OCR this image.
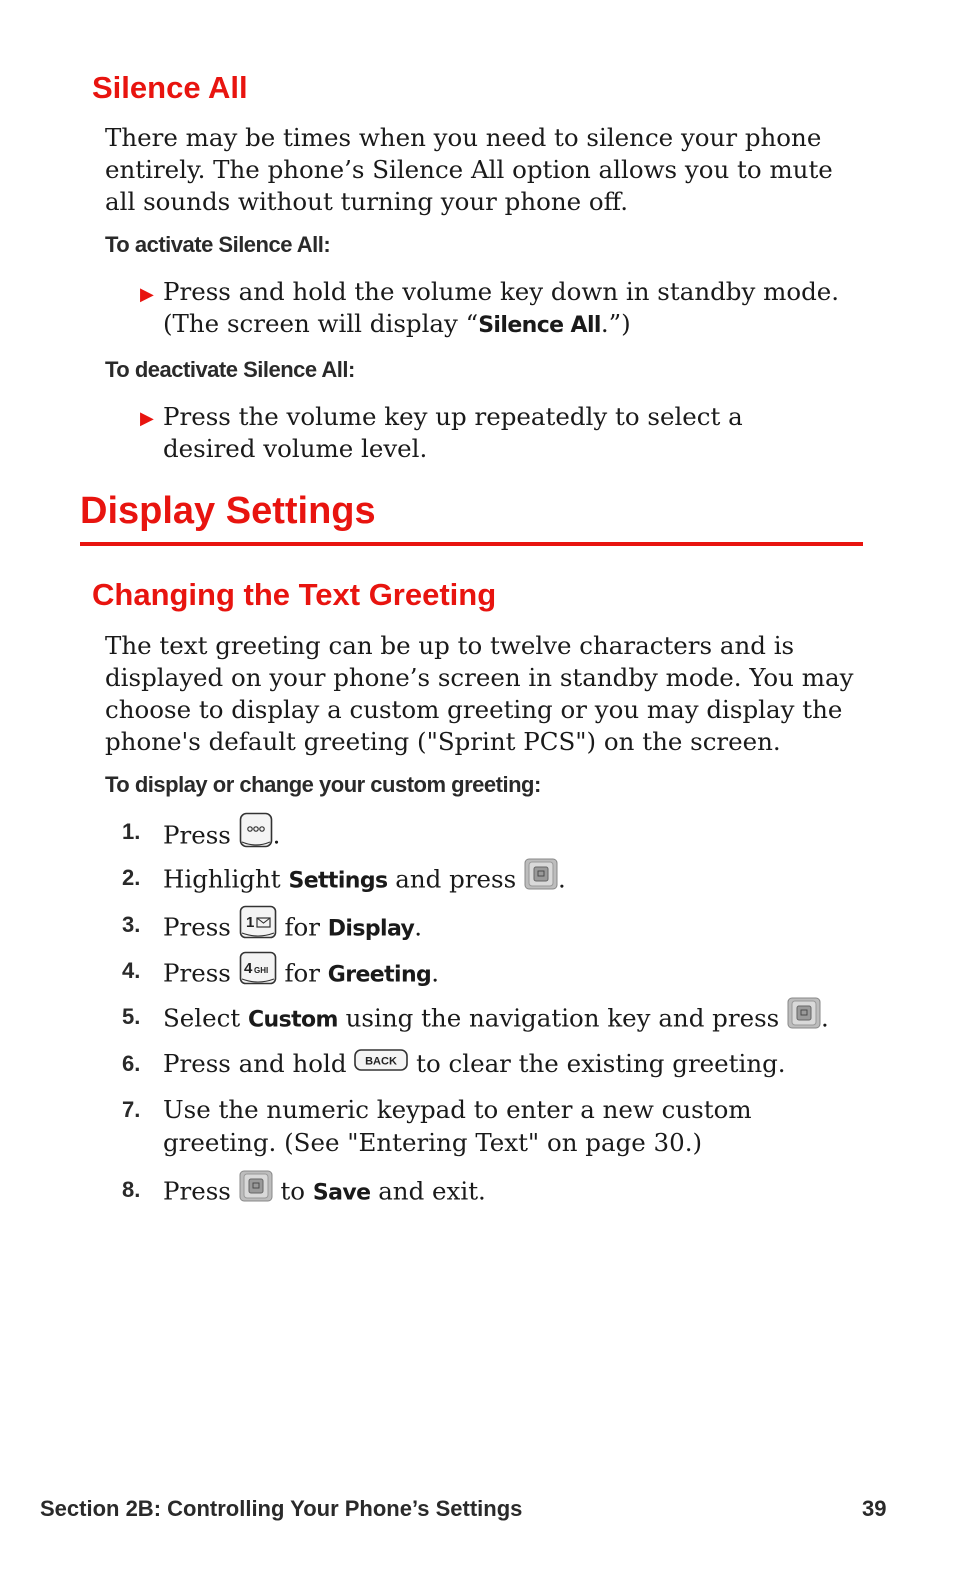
Silence All
There may be times when you need to silence your phone entirely. The phone’s Silence All option allows you to mute all sounds without turning your phone off.
To activate Silence All:
▶ Press and hold the volume key down in standby mode.
(The screen will display “Silence All.”)
To deactivate Silence All:
▶ Press the volume key up repeatedly to select a desired volume level.
Display Settings
Changing the Text Greeting
The text greeting can be up to twelve characters and is displayed on your phone’s screen in standby mode. You may choose to display a custom greeting or you may display the phone's default greeting ("Sprint PCS") on the screen.
To display or change your custom greeting:
1. Press .
2. Highlight Settings and press .
3. Press 1 for Display.
4. Press 4 GHI for Greeting.
5. Select Custom using the navigation key and press .
6. Press and hold BACK to clear the existing greeting.
7. Use the numeric keypad to enter a new custom greeting. (See "Entering Text" on page 30.)
8. Press to Save and exit.
Section 2B: Controlling Your Phone’s Settings	39
